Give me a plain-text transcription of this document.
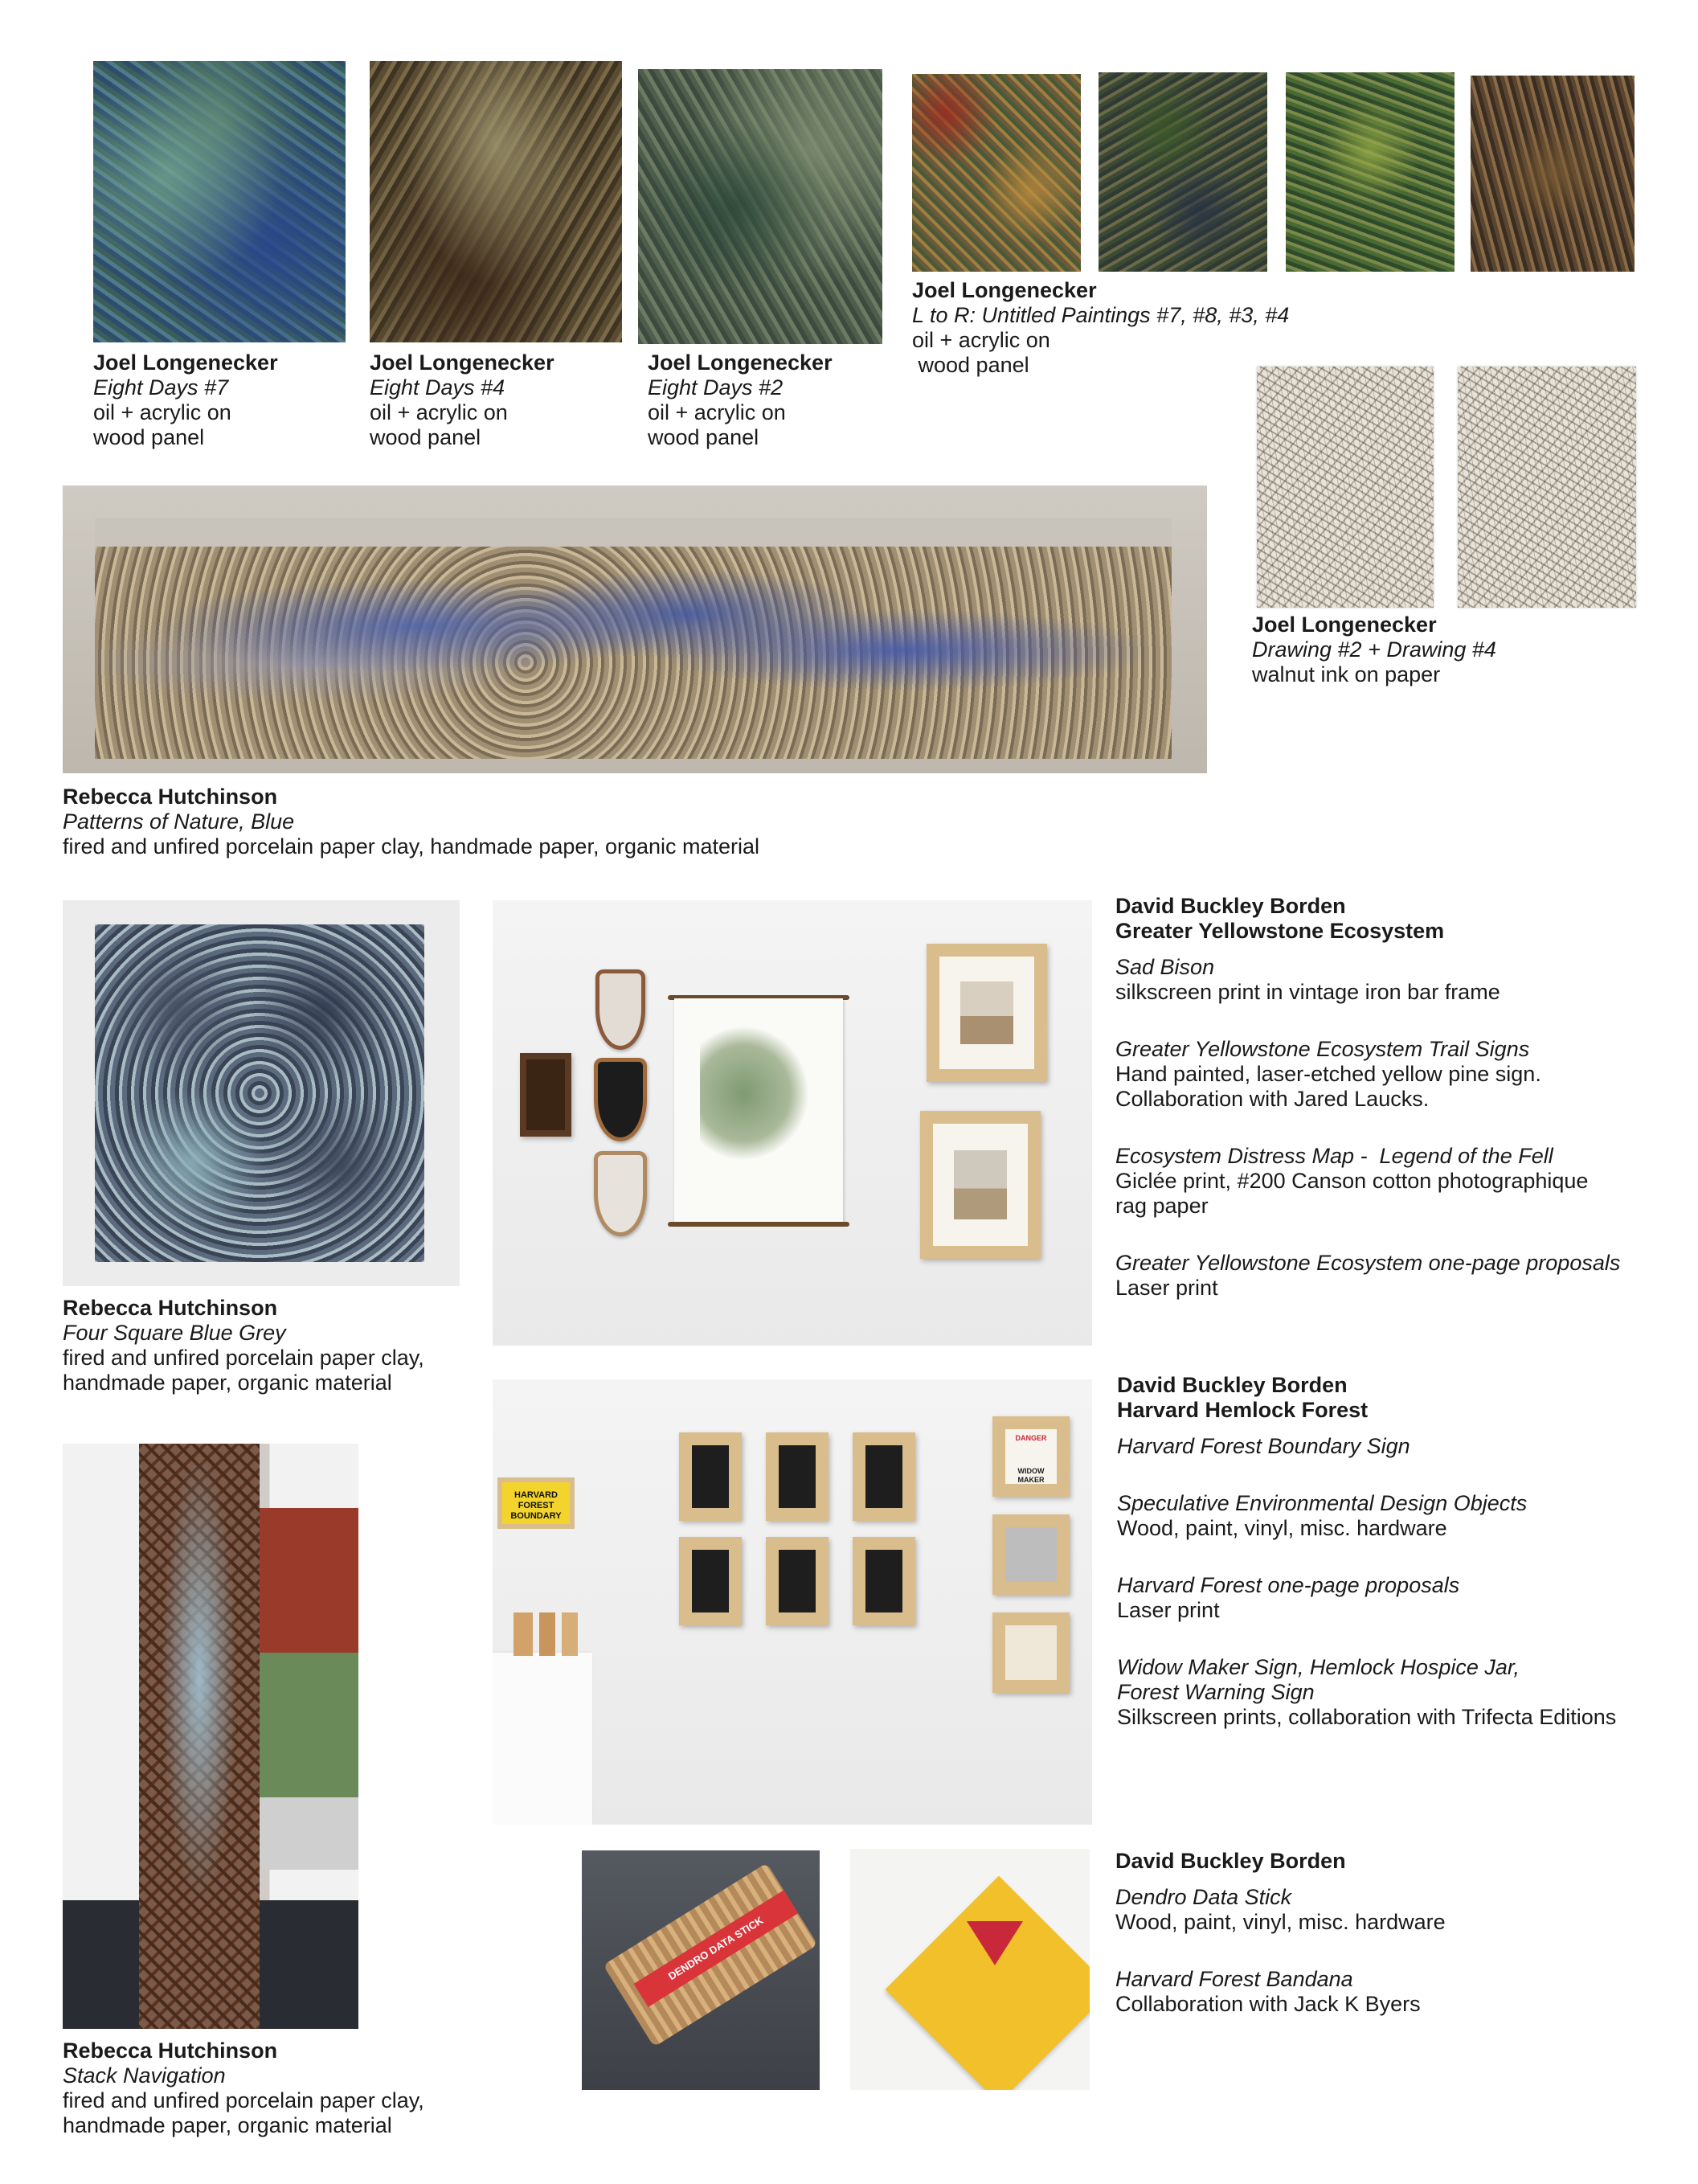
Joel Longenecker
Eight Days #7
oil + acrylic on
wood panel
Joel Longenecker
Eight Days #4
oil + acrylic on
wood panel
Joel Longenecker
Eight Days #2
oil + acrylic on
wood panel
Joel Longenecker
L to R: Untitled Paintings #7, #8, #3, #4
oil + acrylic on
wood panel
Joel Longenecker
Drawing #2 + Drawing #4
walnut ink on paper
Rebecca Hutchinson
Patterns of Nature, Blue
fired and unfired porcelain paper clay, handmade paper, organic material
Rebecca Hutchinson
Four Square Blue Grey
fired and unfired porcelain paper clay,
handmade paper, organic material
Rebecca Hutchinson
Stack Navigation
fired and unfired porcelain paper clay,
handmade paper, organic material
David Buckley Borden
Greater Yellowstone Ecosystem
Sad Bison
silkscreen print in vintage iron bar frame
Greater Yellowstone Ecosystem Trail Signs
Hand painted, laser-etched yellow pine sign.
Collaboration with Jared Laucks.
Ecosystem Distress Map -  Legend of the Fell
Giclée print, #200 Canson cotton photographique
rag paper
Greater Yellowstone Ecosystem one-page proposals
Laser print
HARVARD FOREST BOUNDARY
DANGER
WIDOW MAKER
David Buckley Borden
Harvard Hemlock Forest
Harvard Forest Boundary Sign
Speculative Environmental Design Objects
Wood, paint, vinyl, misc. hardware
Harvard Forest one-page proposals
Laser print
Widow Maker Sign, Hemlock Hospice Jar,
Forest Warning Sign
Silkscreen prints, collaboration with Trifecta Editions
DENDRO DATA STICK
David Buckley Borden
Dendro Data Stick
Wood, paint, vinyl, misc. hardware
Harvard Forest Bandana
Collaboration with Jack K Byers
